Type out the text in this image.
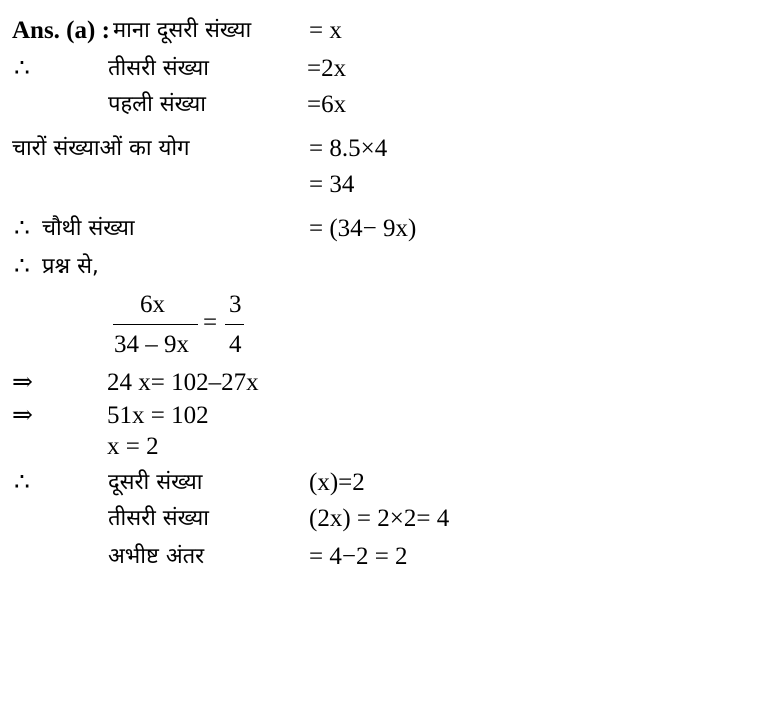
Ans. (a) : माना दूसरी संख्या = x
∴	तीसरी संख्या	=2x
पहली संख्या	=6x
चारों संख्याओं का योग	= 8.5×4
= 34
∴ चौथी संख्या	= (34− 9x)
∴ प्रश्न से,
6x
34 – 9x
=
3
4
⇒	24 x= 102–27x
⇒	51x = 102
x = 2
∴	दूसरी संख्या	(x)=2
तीसरी संख्या	(2x) = 2×2= 4
अभीष्ट अंतर	= 4−2 = 2
